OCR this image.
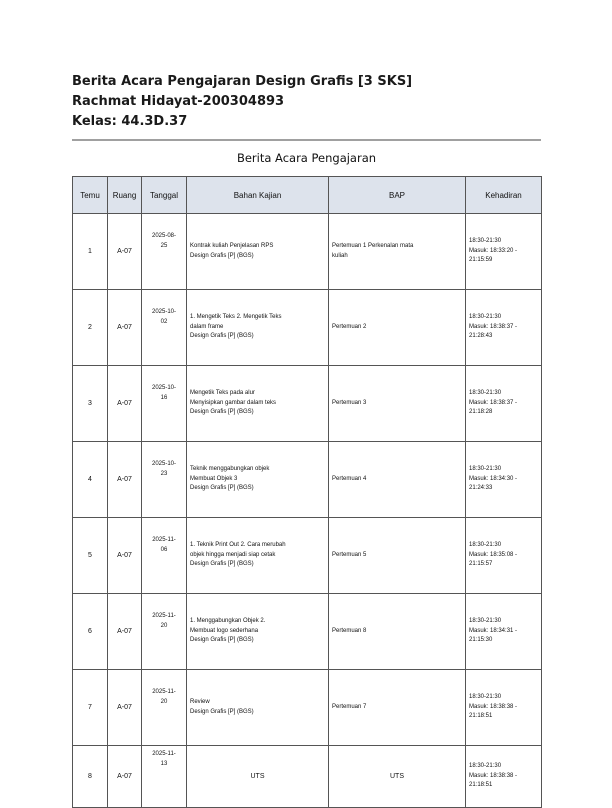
Berita Acara Pengajaran Design Grafis [3 SKS]
Rachmat Hidayat-200304893
Kelas: 44.3D.37
Berita Acara Pengajaran
Temu	Ruang	Tanggal	Bahan Kajian	BAP	Kehadiran
1	A-07	2025-08-
25	Kontrak kuliah Penjelasan RPS
Design Grafis [P] (BGS)	Pertemuan 1 Perkenalan mata
kuliah	18:30-21:30
Masuk: 18:33:20 -
21:15:59
2	A-07	2025-10-
02	1. Mengetik Teks 2. Mengetik Teks
dalam frame
Design Grafis [P] (BGS)	Pertemuan 2	18:30-21:30
Masuk: 18:38:37 -
21:28:43
3	A-07	2025-10-
16	Mengetik Teks pada alur
Menyisipkan gambar dalam teks
Design Grafis [P] (BGS)	Pertemuan 3	18:30-21:30
Masuk: 18:38:37 -
21:18:28
4	A-07	2025-10-
23	Teknik menggabungkan objek
Membuat Objek 3
Design Grafis [P] (BGS)	Pertemuan 4	18:30-21:30
Masuk: 18:34:30 -
21:24:33
5	A-07	2025-11-
06	1. Teknik Print Out 2. Cara merubah
objek hingga menjadi siap cetak
Design Grafis [P] (BGS)	Pertemuan 5	18:30-21:30
Masuk: 18:35:08 -
21:15:57
6	A-07	2025-11-
20	1. Menggabungkan Objek 2.
Membuat logo sederhana
Design Grafis [P] (BGS)	Pertemuan 8	18:30-21:30
Masuk: 18:34:31 -
21:15:30
7	A-07	2025-11-
20	Review
Design Grafis [P] (BGS)	Pertemuan 7	18:30-21:30
Masuk: 18:38:38 -
21:18:51
8	A-07	2025-11-
13	UTS	UTS	18:30-21:30
Masuk: 18:38:38 -
21:18:51
